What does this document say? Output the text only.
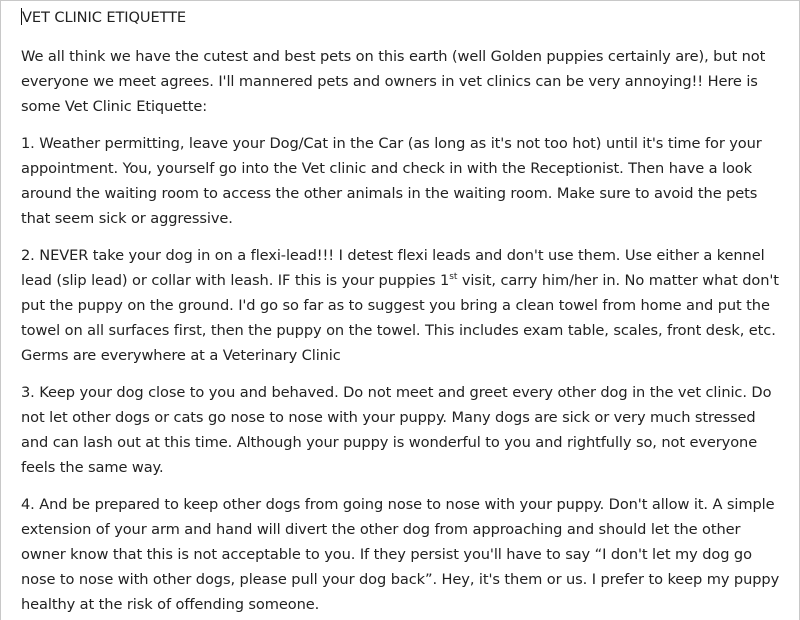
VET CLINIC ETIQUETTE

We all think we have the cutest and best pets on this earth (well Golden puppies certainly are), but not everyone we meet agrees. I'll mannered pets and owners in vet clinics can be very annoying!! Here is some Vet Clinic Etiquette:

1. Weather permitting, leave your Dog/Cat in the Car (as long as it's not too hot) until it's time for your appointment. You, yourself go into the Vet clinic and check in with the Receptionist. Then have a look around the waiting room to access the other animals in the waiting room. Make sure to avoid the pets that seem sick or aggressive.

2. NEVER take your dog in on a flexi-lead!!! I detest flexi leads and don't use them. Use either a kennel lead (slip lead) or collar with leash. IF this is your puppies 1st visit, carry him/her in. No matter what don't put the puppy on the ground. I'd go so far as to suggest you bring a clean towel from home and put the towel on all surfaces first, then the puppy on the towel. This includes exam table, scales, front desk, etc. Germs are everywhere at a Veterinary Clinic

3. Keep your dog close to you and behaved. Do not meet and greet every other dog in the vet clinic. Do not let other dogs or cats go nose to nose with your puppy. Many dogs are sick or very much stressed and can lash out at this time. Although your puppy is wonderful to you and rightfully so, not everyone feels the same way.

4. And be prepared to keep other dogs from going nose to nose with your puppy. Don't allow it. A simple extension of your arm and hand will divert the other dog from approaching and should let the other owner know that this is not acceptable to you. If they persist you'll have to say “I don't let my dog go nose to nose with other dogs, please pull your dog back”. Hey, it's them or us. I prefer to keep my puppy healthy at the risk of offending someone.
